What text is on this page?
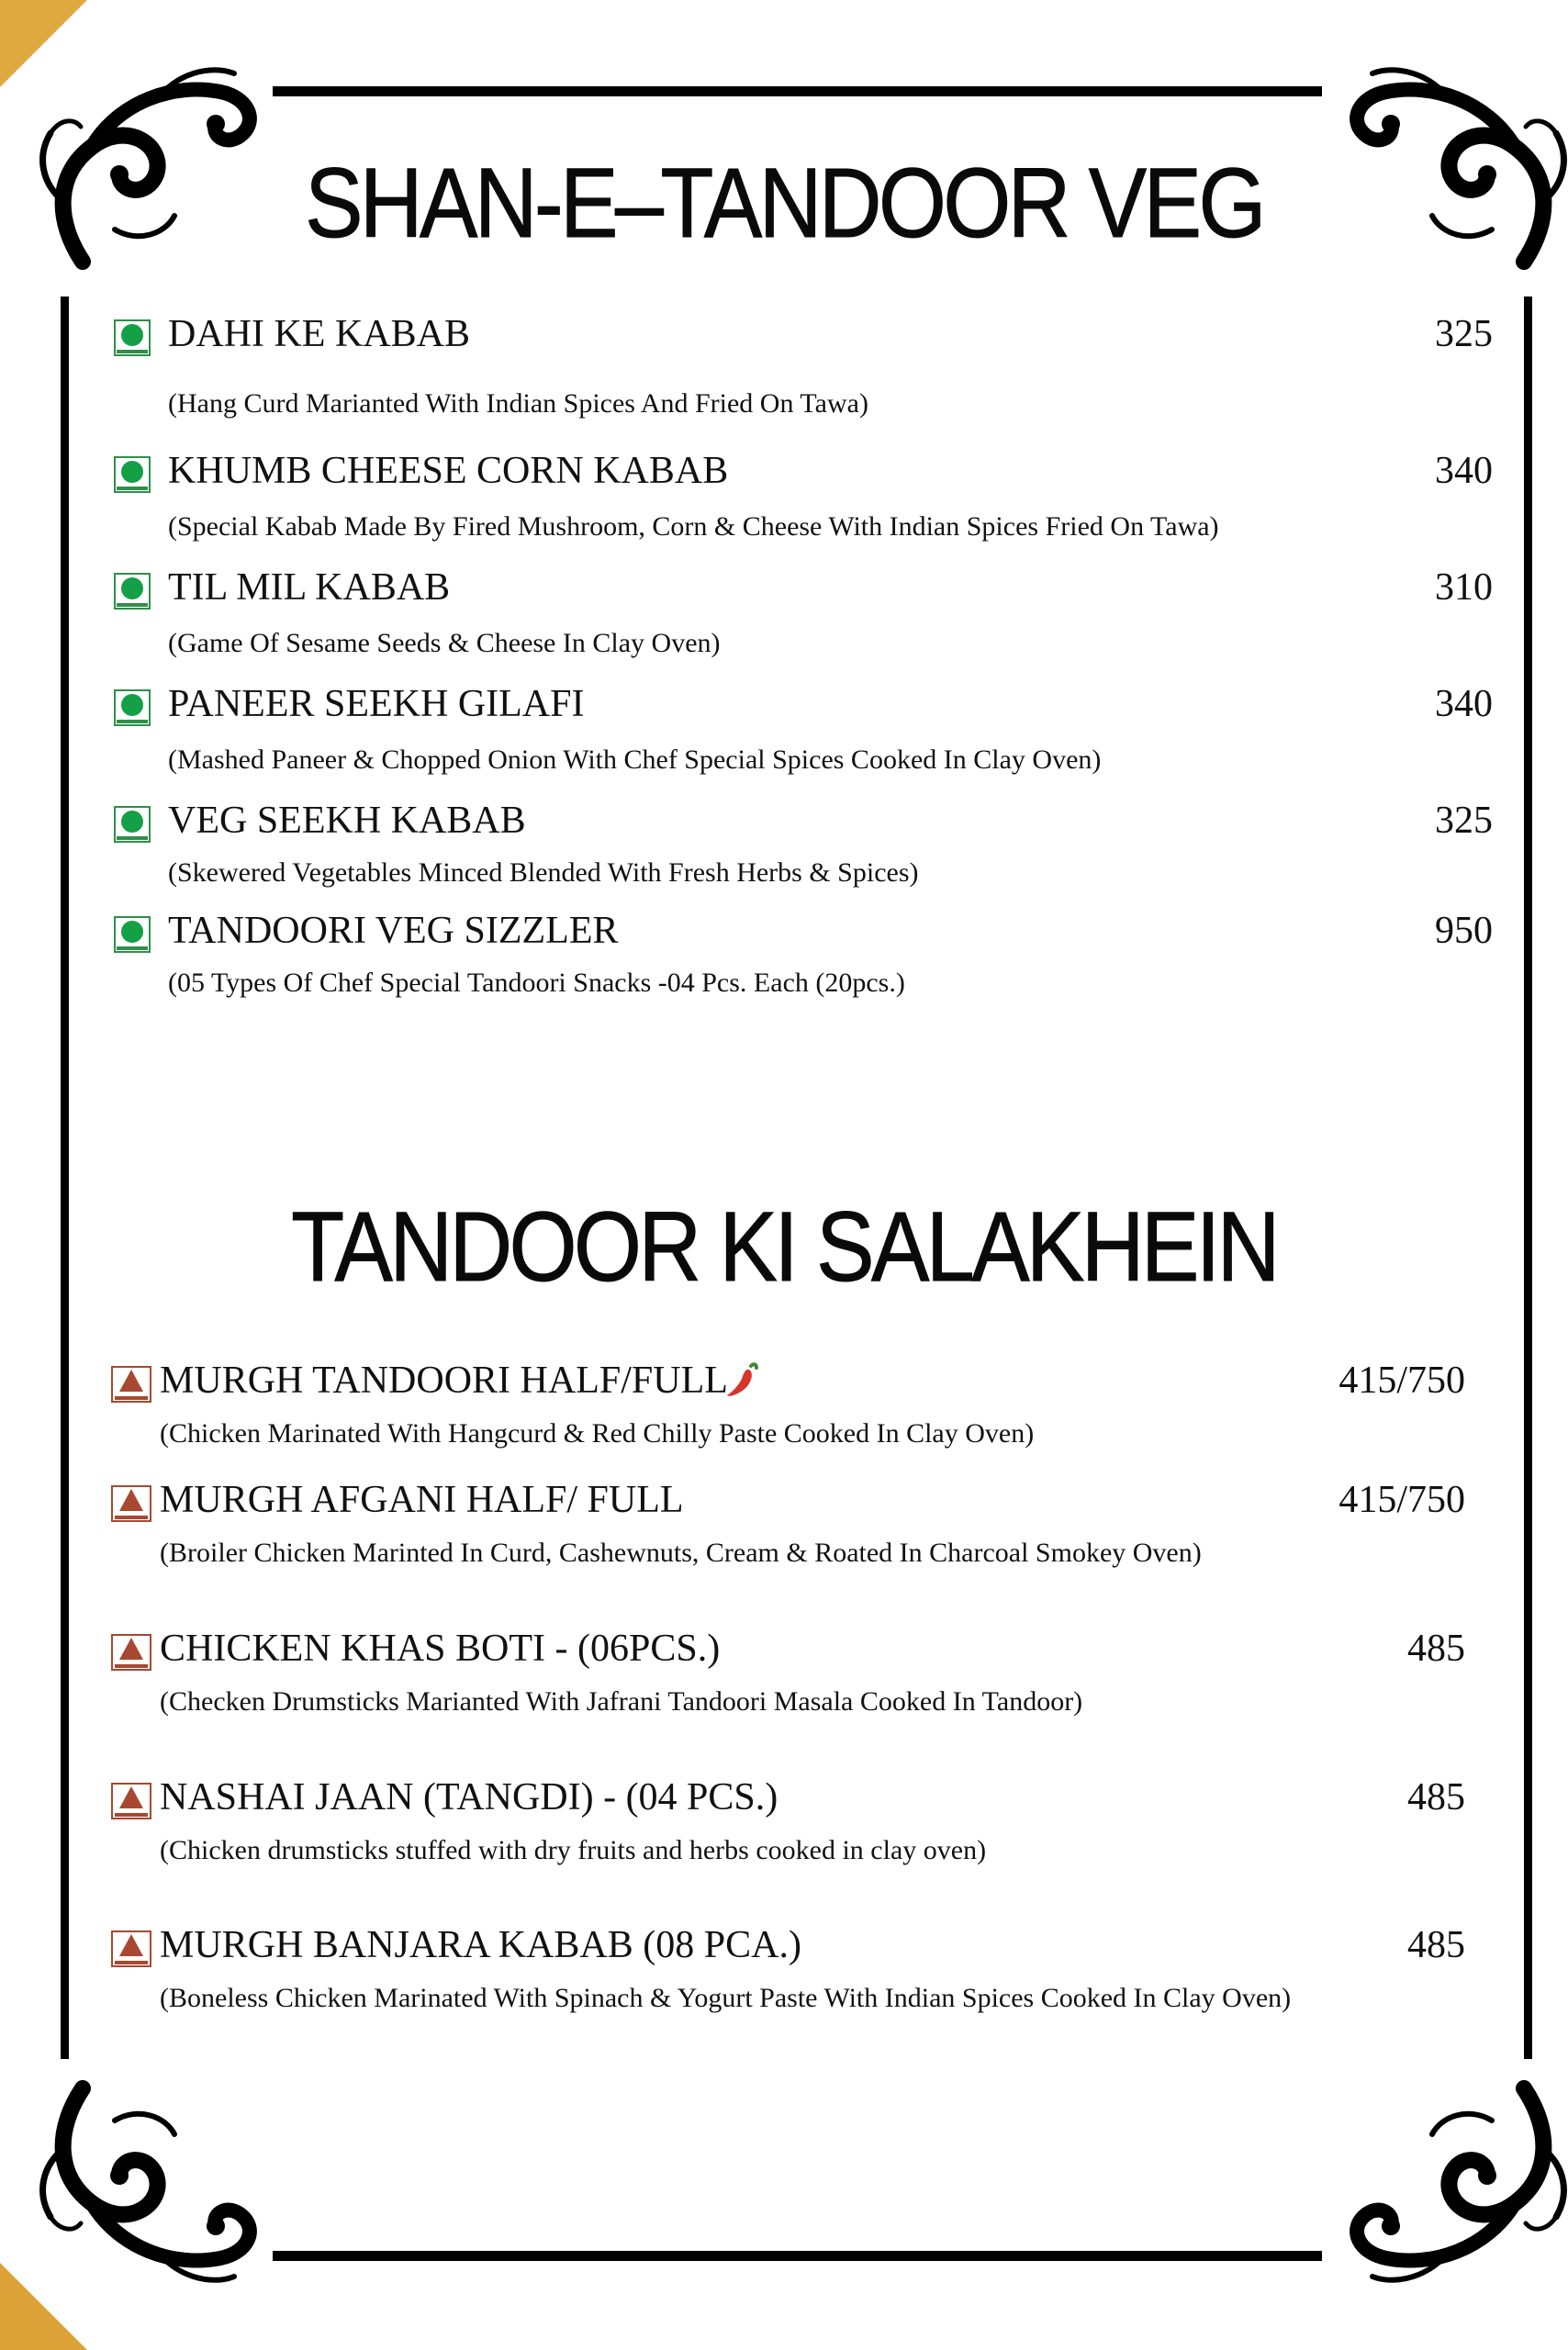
SHAN-E–TANDOOR VEG
DAHI KE KABAB	325
(Hang Curd Marianted With Indian Spices And Fried On Tawa)
KHUMB CHEESE CORN KABAB	340
(Special Kabab Made By Fired Mushroom, Corn & Cheese With Indian Spices Fried On Tawa)
TIL MIL KABAB	310
(Game Of Sesame Seeds & Cheese In Clay Oven)
PANEER SEEKH GILAFI	340
(Mashed Paneer & Chopped Onion With Chef Special Spices Cooked In Clay Oven)
VEG SEEKH KABAB	325
(Skewered Vegetables Minced Blended With Fresh Herbs & Spices)
TANDOORI VEG SIZZLER	950
(05 Types Of Chef Special Tandoori Snacks -04 Pcs. Each (20pcs.)
TANDOOR KI SALAKHEIN
MURGH TANDOORI HALF/FULL	415/750
(Chicken Marinated With Hangcurd & Red Chilly Paste Cooked In Clay Oven)
MURGH AFGANI HALF/ FULL	415/750
(Broiler Chicken Marinted In Curd, Cashewnuts, Cream & Roated In Charcoal Smokey Oven)
CHICKEN KHAS BOTI - (06PCS.)	485
(Checken Drumsticks Marianted With Jafrani Tandoori Masala Cooked In Tandoor)
NASHAI JAAN (TANGDI) - (04 PCS.)	485
(Chicken drumsticks stuffed with dry fruits and herbs cooked in clay oven)
MURGH BANJARA KABAB (08 PCA.)	485
(Boneless Chicken Marinated With Spinach & Yogurt Paste With Indian Spices Cooked In Clay Oven)
